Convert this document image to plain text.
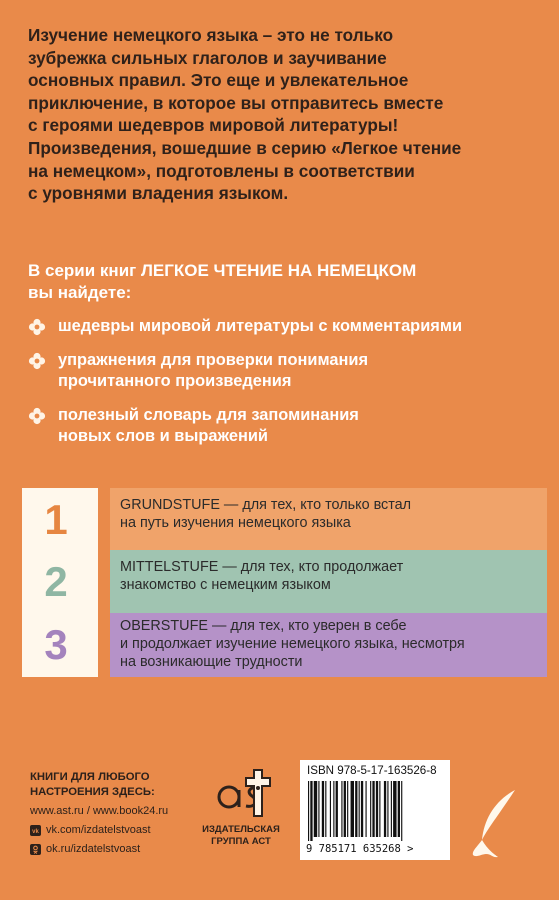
Изучение немецкого языка – это не только

зубрежка сильных глаголов и заучивание

основных правил. Это еще и увлекательное

приключение, в которое вы отправитесь вместе

с героями шедевров мировой литературы!

Произведения, вошедшие в серию «Легкое чтение

на немецком», подготовлены в соответствии

с уровнями владения языком.

В серии книг ЛЕГКОЕ ЧТЕНИЕ НА НЕМЕЦКОМ
вы найдете:
шедевры мировой литературы с комментариями
упражнения для проверки понимания
прочитанного произведения
полезный словарь для запоминания
новых слов и выражений
1	GRUNDSTUFE — для тех, кто только встал
на путь изучения немецкого языка
2	MITTELSTUFE — для тех, кто продолжает
знакомство с немецким языком
3	OBERSTUFE — для тех, кто уверен в себе
и продолжает изучение немецкого языка, несмотря
на возникающие трудности
КНИГИ ДЛЯ ЛЮБОГО
НАСТРОЕНИЯ ЗДЕСЬ:
www.ast.ru / www.book24.ru
vk vk.com/izdatelstvoast
ok.ru/izdatelstvoast
ИЗДАТЕЛЬСКАЯ
ГРУППА АСТ
ISBN 978-5-17-163526-8
9 785171 635268 >
